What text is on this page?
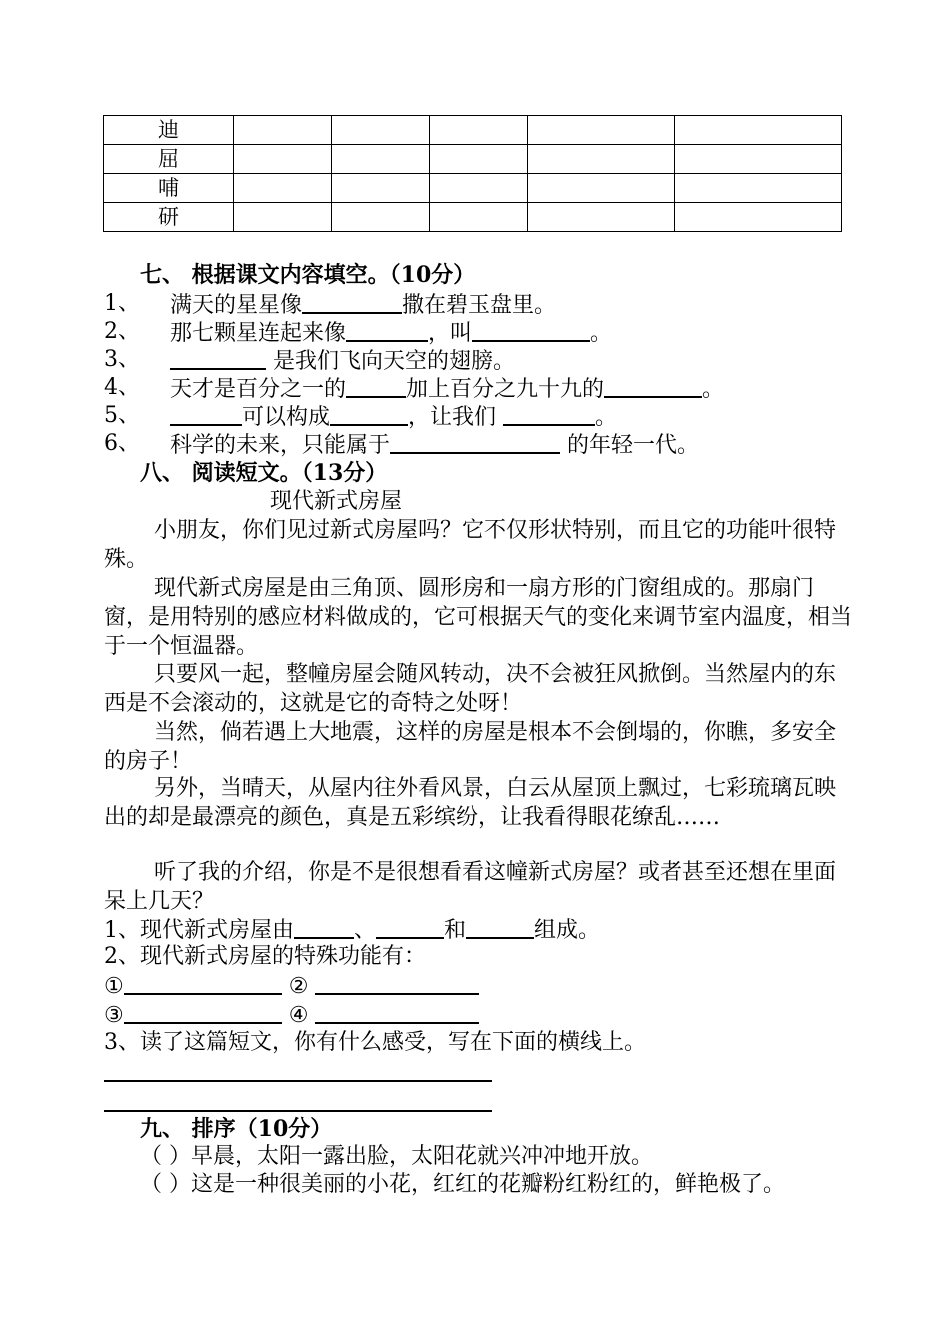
迪					
屈					
哺					
研					
七、 根据课文内容填空。（10分）
1、 满天的星星像	撒在碧玉盘里。
2、 那七颗星连起来像	，叫	。
3、	是我们飞向天空的翅膀。
4、 天才是百分之一的	加上百分之九十九的	。
5、	可以构成	，让我们	。
6、 科学的未来，只能属于	的年轻一代。
八、 阅读短文。（13分）
现代新式房屋
小朋友，你们见过新式房屋吗？它不仅形状特别，而且它的功能叶很特殊。
现代新式房屋是由三角顶、圆形房和一扇方形的门窗组成的。那扇门窗，是用特别的感应材料做成的，它可根据天气的变化来调节室内温度，相当于一个恒温器。
只要风一起，整幢房屋会随风转动，决不会被狂风掀倒。当然屋内的东西是不会滚动的，这就是它的奇特之处呀！
当然，倘若遇上大地震，这样的房屋是根本不会倒塌的，你瞧，多安全的房子！
另外，当晴天，从屋内往外看风景，白云从屋顶上飘过，七彩琉璃瓦映出的却是最漂亮的颜色，真是五彩缤纷，让我看得眼花缭乱……
听了我的介绍，你是不是很想看看这幢新式房屋？或者甚至还想在里面呆上几天？
1、现代新式房屋由	、	和	组成。
2、现代新式房屋的特殊功能有：
①	②
③	④
3、读了这篇短文，你有什么感受，写在下面的横线上。
九、 排序（10分）
（ ）早晨，太阳一露出脸，太阳花就兴冲冲地开放。
（ ）这是一种很美丽的小花，红红的花瓣粉红粉红的，鲜艳极了。
